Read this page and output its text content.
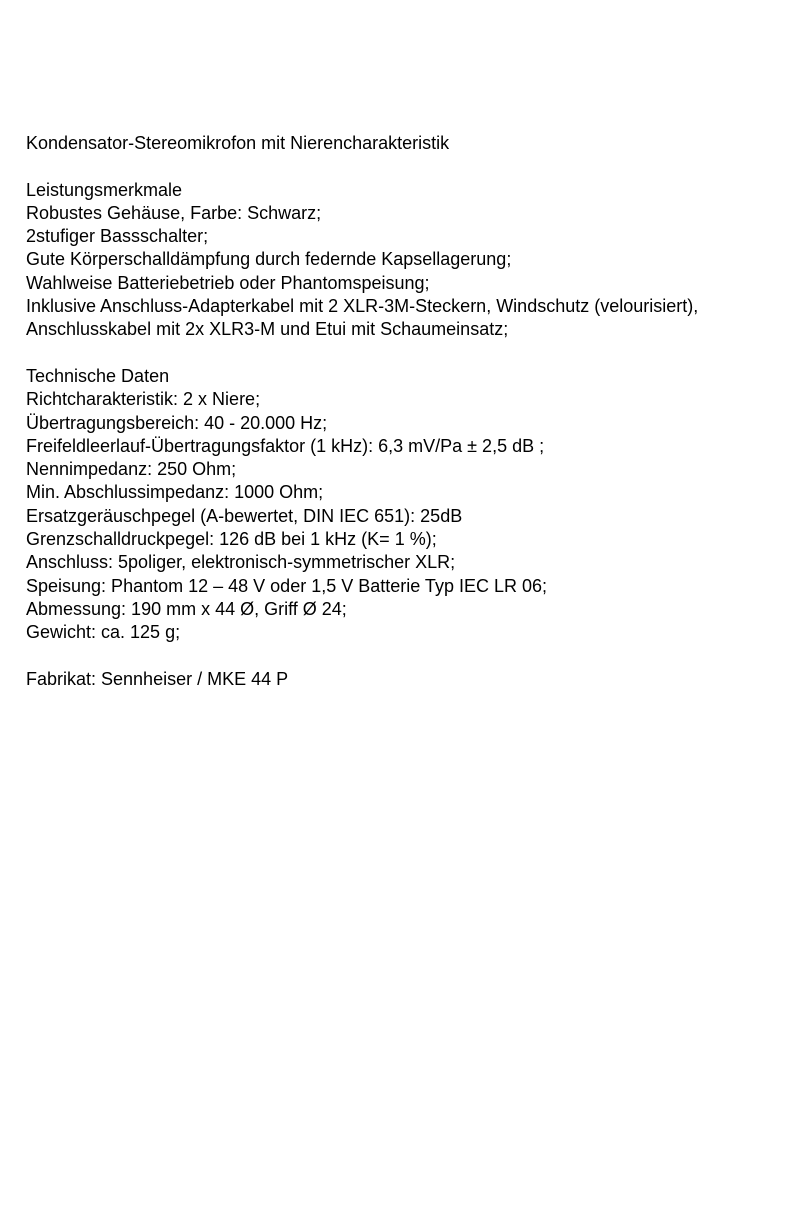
Kondensator-Stereomikrofon mit Nierencharakteristik
Leistungsmerkmale
Robustes Gehäuse, Farbe: Schwarz;
2stufiger Bassschalter;
Gute Körperschalldämpfung durch federnde Kapsellagerung;
Wahlweise Batteriebetrieb oder Phantomspeisung;
Inklusive Anschluss-Adapterkabel mit 2 XLR-3M-Steckern, Windschutz (velourisiert),
Anschlusskabel mit 2x XLR3-M und Etui mit Schaumeinsatz;
Technische Daten
Richtcharakteristik: 2 x Niere;
Übertragungsbereich: 40 - 20.000 Hz;
Freifeldleerlauf-Übertragungsfaktor (1 kHz): 6,3 mV/Pa ± 2,5 dB ;
Nennimpedanz: 250 Ohm;
Min. Abschlussimpedanz: 1000 Ohm;
Ersatzgeräuschpegel (A-bewertet, DIN IEC 651): 25dB
Grenzschalldruckpegel: 126 dB bei 1 kHz (K= 1 %);
Anschluss: 5poliger, elektronisch-symmetrischer XLR;
Speisung: Phantom 12 – 48 V oder 1,5 V Batterie Typ IEC LR 06;
Abmessung: 190 mm x 44 Ø, Griff Ø 24;
Gewicht: ca. 125 g;
Fabrikat: Sennheiser / MKE 44 P
